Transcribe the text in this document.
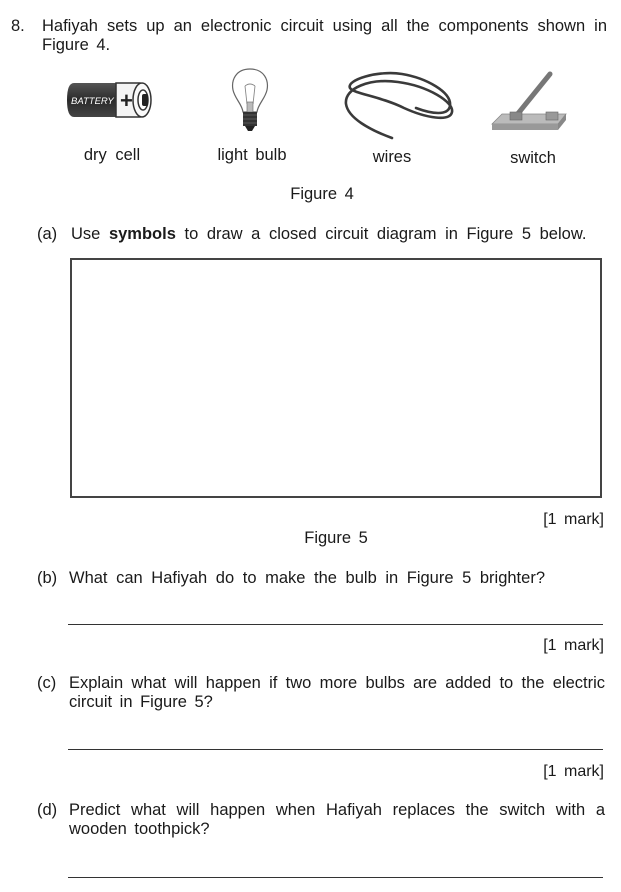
8. Hafiyah sets up an electronic circuit using all the components shown in Figure 4.
BATTERY +
dry cell	light bulb	wires	switch
Figure 4
(a) Use symbols to draw a closed circuit diagram in Figure 5 below.
[1 mark]
Figure 5
(b) What can Hafiyah do to make the bulb in Figure 5 brighter?
[1 mark]
(c) Explain what will happen if two more bulbs are added to the electric circuit in Figure 5?
[1 mark]
(d) Predict what will happen when Hafiyah replaces the switch with a wooden toothpick?
